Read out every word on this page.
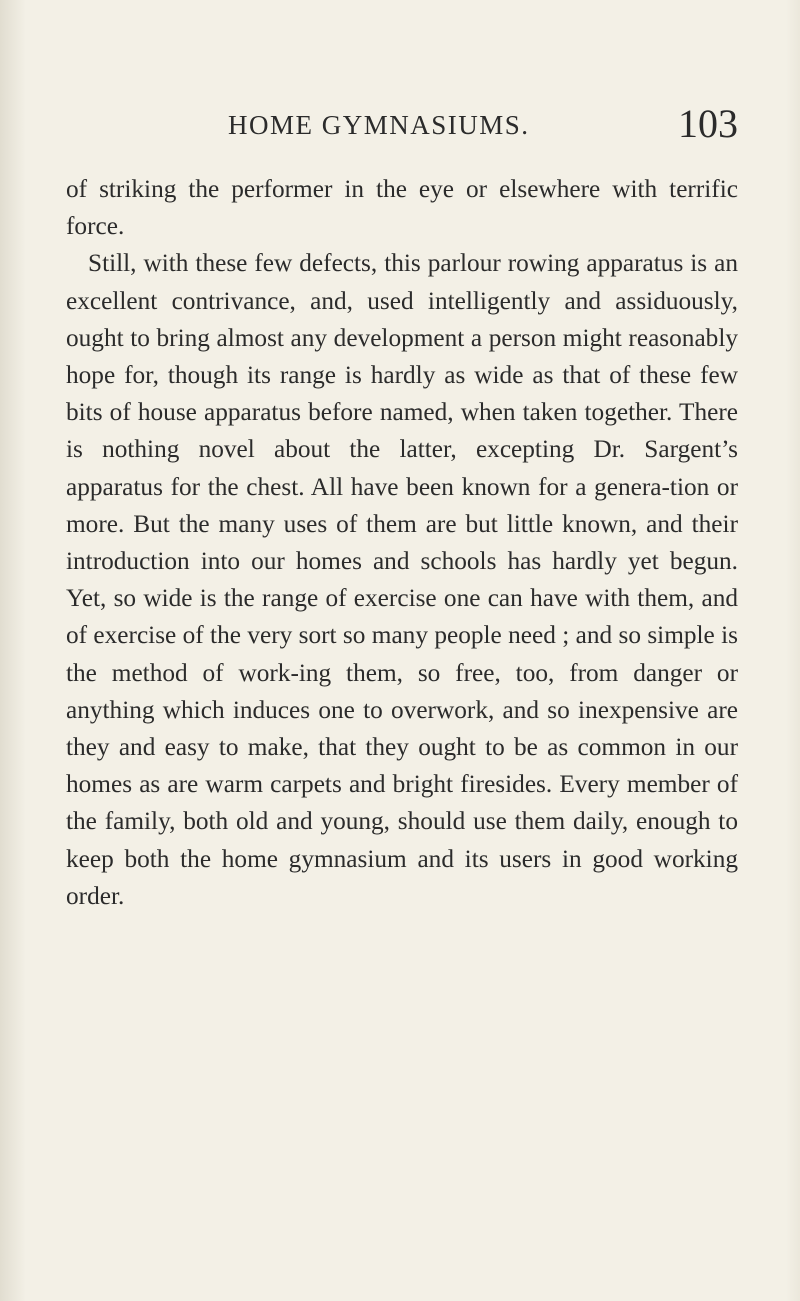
HOME GYMNASIUMS.	103

of striking the performer in the eye or elsewhere with terrific force.

Still, with these few defects, this parlour rowing apparatus is an excellent contrivance, and, used intelligently and assiduously, ought to bring almost any development a person might reasonably hope for, though its range is hardly as wide as that of these few bits of house apparatus before named, when taken together. There is nothing novel about the latter, excepting Dr. Sargent’s apparatus for the chest. All have been known for a genera-tion or more. But the many uses of them are but little known, and their introduction into our homes and schools has hardly yet begun. Yet, so wide is the range of exercise one can have with them, and of exercise of the very sort so many people need ; and so simple is the method of work-ing them, so free, too, from danger or anything which induces one to overwork, and so inexpensive are they and easy to make, that they ought to be as common in our homes as are warm carpets and bright firesides. Every member of the family, both old and young, should use them daily, enough to keep both the home gymnasium and its users in good working order.
